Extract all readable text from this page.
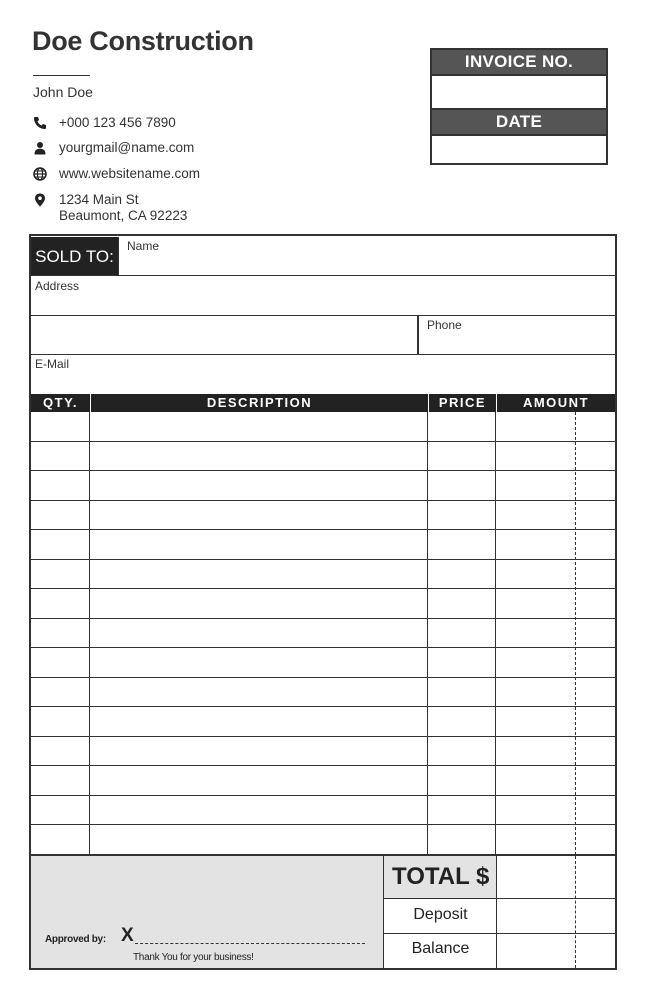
Doe Construction
John Doe
+000 123 456 7890
yourgmail@name.com
www.websitename.com
1234 Main St
Beaumont, CA 92223
INVOICE NO.
DATE
SOLD TO:
Name
Address
Phone
E-Mail
QTY.	DESCRIPTION	PRICE	AMOUNT
TOTAL $
Deposit
Balance
Approved by: X
Thank You for your business!
